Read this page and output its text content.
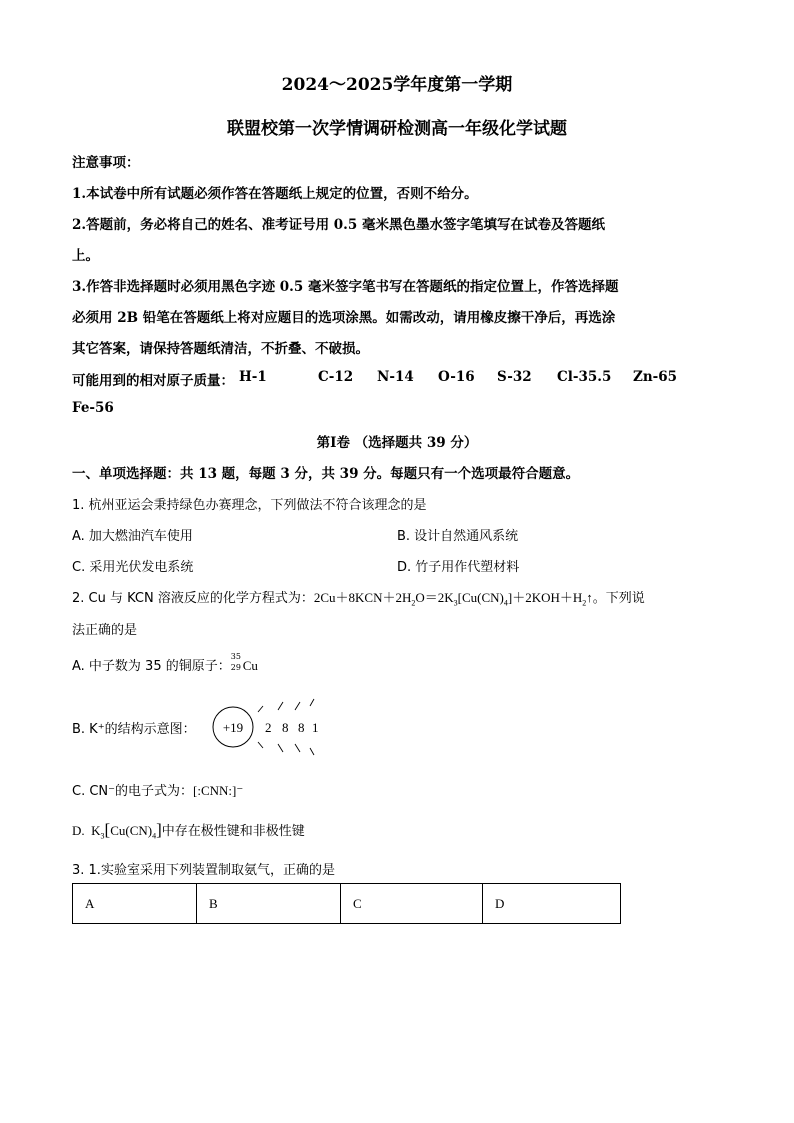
2024～2025学年度第一学期
联盟校第一次学情调研检测高一年级化学试题
注意事项：
1.本试卷中所有试题必须作答在答题纸上规定的位置，否则不给分。
2.答题前，务必将自己的姓名、准考证号用 0.5 毫米黑色墨水签字笔填写在试卷及答题纸
上。
3.作答非选择题时必须用黑色字迹 0.5 毫米签字笔书写在答题纸的指定位置上，作答选择题
必须用 2B 铅笔在答题纸上将对应题目的选项涂黑。如需改动，请用橡皮擦干净后，再选涂
其它答案，请保持答题纸清洁，不折叠、不破损。
可能用到的相对原子质量： H-1	C-12 N-14 O-16 S-32 Cl-35.5 Zn-65
Fe-56
第Ⅰ卷 （选择题共 39 分）
一、单项选择题：共 13 题，每题 3 分，共 39 分。每题只有一个选项最符合题意。
1. 杭州亚运会秉持绿色办赛理念，下列做法不符合该理念的是
A. 加大燃油汽车使用	B. 设计自然通风系统
C. 采用光伏发电系统	D. 竹子用作代塑材料
2. Cu 与 KCN 溶液反应的化学方程式为：$2Cu+8KCN+2H_2O=2K_3[Cu(CN)_4]+2KOH+H_2↑$。下列说
法正确的是
A. 中子数为 35 的铜原子：
35
29 Cu
B. K⁺的结构示意图： +19 2 8 8 1
C. CN⁻的电子式为：[:CNN:]⁻
D.  $K_3[Cu(CN)_4]$中存在极性键和非极性键
3. 1.实验室采用下列装置制取氨气，正确的是
A	B	C	D
